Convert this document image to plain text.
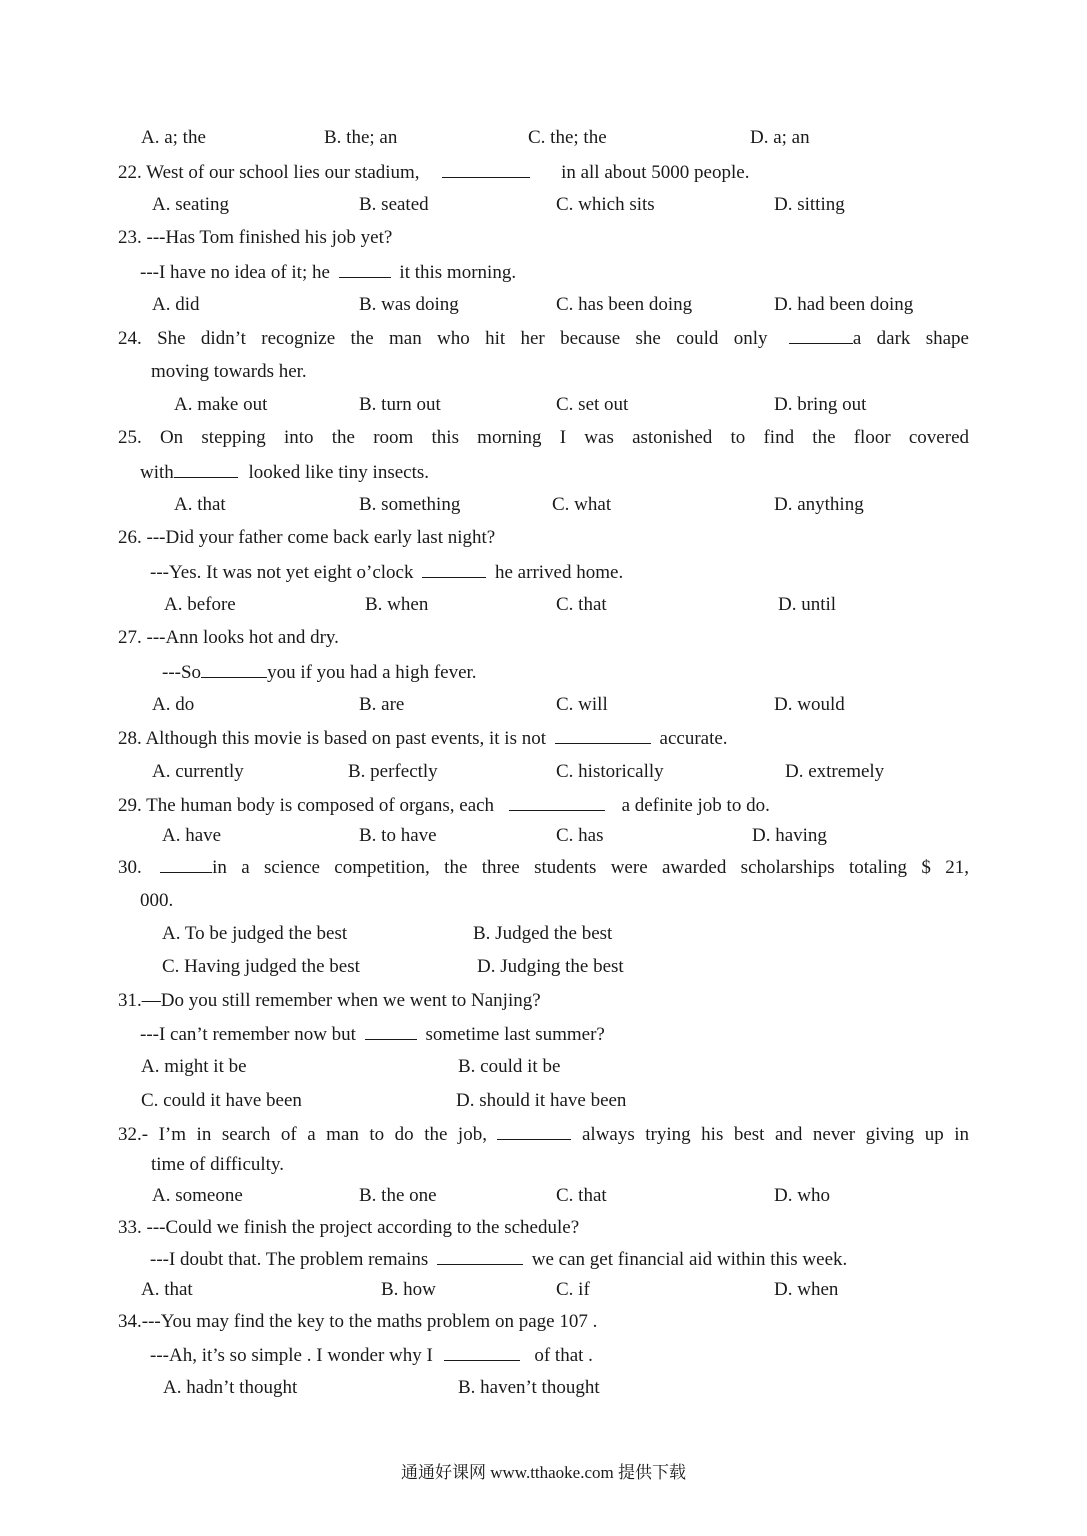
A. a; the	B. the; an	C. the; the	D. a; an
22. West of our school lies our stadium,	in all about 5000 people.
A. seating	B. seated	C. which sits	D. sitting
23. ---Has Tom finished his job yet?
---I have no idea of it; he	it this morning.
A. did	B. was doing	C. has been doing	D. had been doing
24. She didn’t recognize the man who hit her because she could only	a dark shape
moving towards her.
A. make out	B. turn out	C. set out	D. bring out
25. On stepping into the room this morning I was astonished to find the floor covered
with	looked like tiny insects.
A. that	B. something	C. what	D. anything
26. ---Did your father come back early last night?
---Yes. It was not yet eight o’clock	he arrived home.
A. before	B. when	C. that	D. until
27. ---Ann looks hot and dry.
---So	you if you had a high fever.
A. do	B. are	C. will	D. would
28. Although this movie is based on past events, it is not	accurate.
A. currently	B. perfectly	C. historically	D. extremely
29. The human body is composed of organs, each	a definite job to do.
A. have	B. to have	C. has	D. having
30.	in a science competition, the three students were awarded scholarships totaling $ 21,
000.
A. To be judged the best	B. Judged the best
C. Having judged the best	D. Judging the best
31.—Do you still remember when we went to Nanjing?
---I can’t remember now but	sometime last summer?
A. might it be	B. could it be
C. could it have been	D. should it have been
32.- I’m in search of a man to do the job,	always trying his best and never giving up in
time of difficulty.
A. someone	B. the one	C. that	D. who
33. ---Could we finish the project according to the schedule?
---I doubt that. The problem remains	we can get financial aid within this week.
A. that	B. how	C. if	D. when
34.---You may find the key to the maths problem on page 107 .
---Ah, it’s so simple . I wonder why I	of that .
A. hadn’t thought	B. haven’t thought
通通好课网 www.tthaoke.com 提供下载
